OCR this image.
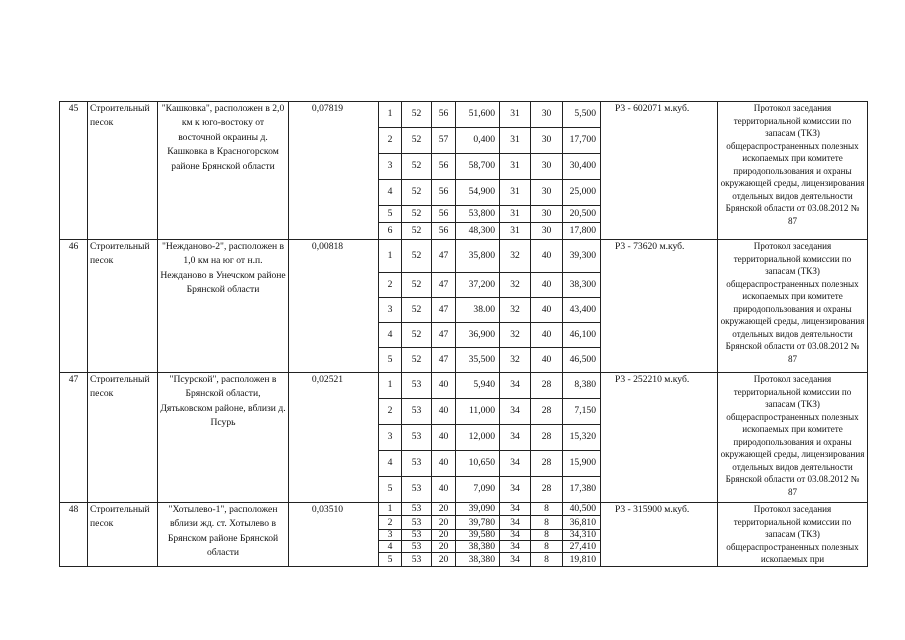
45	Строительный песок	"Кашковка", расположен в 2,0 км к юго-востоку от восточной окраины д. Кашковка в Красногорском районе Брянской области	0,07819	1	52	56	51,600	31	30	5,500	Р3 - 602071 м.куб.	Протокол заседания территориальной комиссии по запасам (ТКЗ) общераспространенных полезных ископаемых при комитете природопользования и охраны окружающей среды, лицензирования отдельных видов деятельности Брянской области от 03.08.2012 № 87
				2	52	57	0,400	31	30	17,700		
				3	52	56	58,700	31	30	30,400		
				4	52	56	54,900	31	30	25,000		
				5	52	56	53,800	31	30	20,500		
				6	52	56	48,300	31	30	17,800		
46	Строительный песок	"Нежданово-2", расположен в 1,0 км на юг от н.п. Нежданово в Унечском районе Брянской области	0,00818	1	52	47	35,800	32	40	39,300	Р3 - 73620 м.куб.	Протокол заседания территориальной комиссии по запасам (ТКЗ) общераспространенных полезных ископаемых при комитете природопользования и охраны окружающей среды, лицензирования отдельных видов деятельности Брянской области от 03.08.2012 № 87
				2	52	47	37,200	32	40	38,300		
				3	52	47	38.00	32	40	43,400		
				4	52	47	36,900	32	40	46,100		
				5	52	47	35,500	32	40	46,500		
47	Строительный песок	"Псурской", расположен в Брянской области, Дятьковском районе, вблизи д. Псурь	0,02521	1	53	40	5,940	34	28	8,380	Р3 - 252210 м.куб.	Протокол заседания территориальной комиссии по запасам (ТКЗ) общераспространенных полезных ископаемых при комитете природопользования и охраны окружающей среды, лицензирования отдельных видов деятельности Брянской области от 03.08.2012 № 87
				2	53	40	11,000	34	28	7,150		
				3	53	40	12,000	34	28	15,320		
				4	53	40	10,650	34	28	15,900		
				5	53	40	7,090	34	28	17,380		
48	Строительный песок	"Хотылево-1", расположен вблизи жд. ст. Хотылево в Брянском районе Брянской области	0,03510	1	53	20	39,090	34	8	40,500	Р3 - 315900 м.куб.	Протокол заседания территориальной комиссии по запасам (ТКЗ) общераспространенных полезных ископаемых при
				2	53	20	39,780	34	8	36,810		
				3	53	20	39,580	34	8	34,310		
				4	53	20	38,380	34	8	27,410		
				5	53	20	38,380	34	8	19,810		
